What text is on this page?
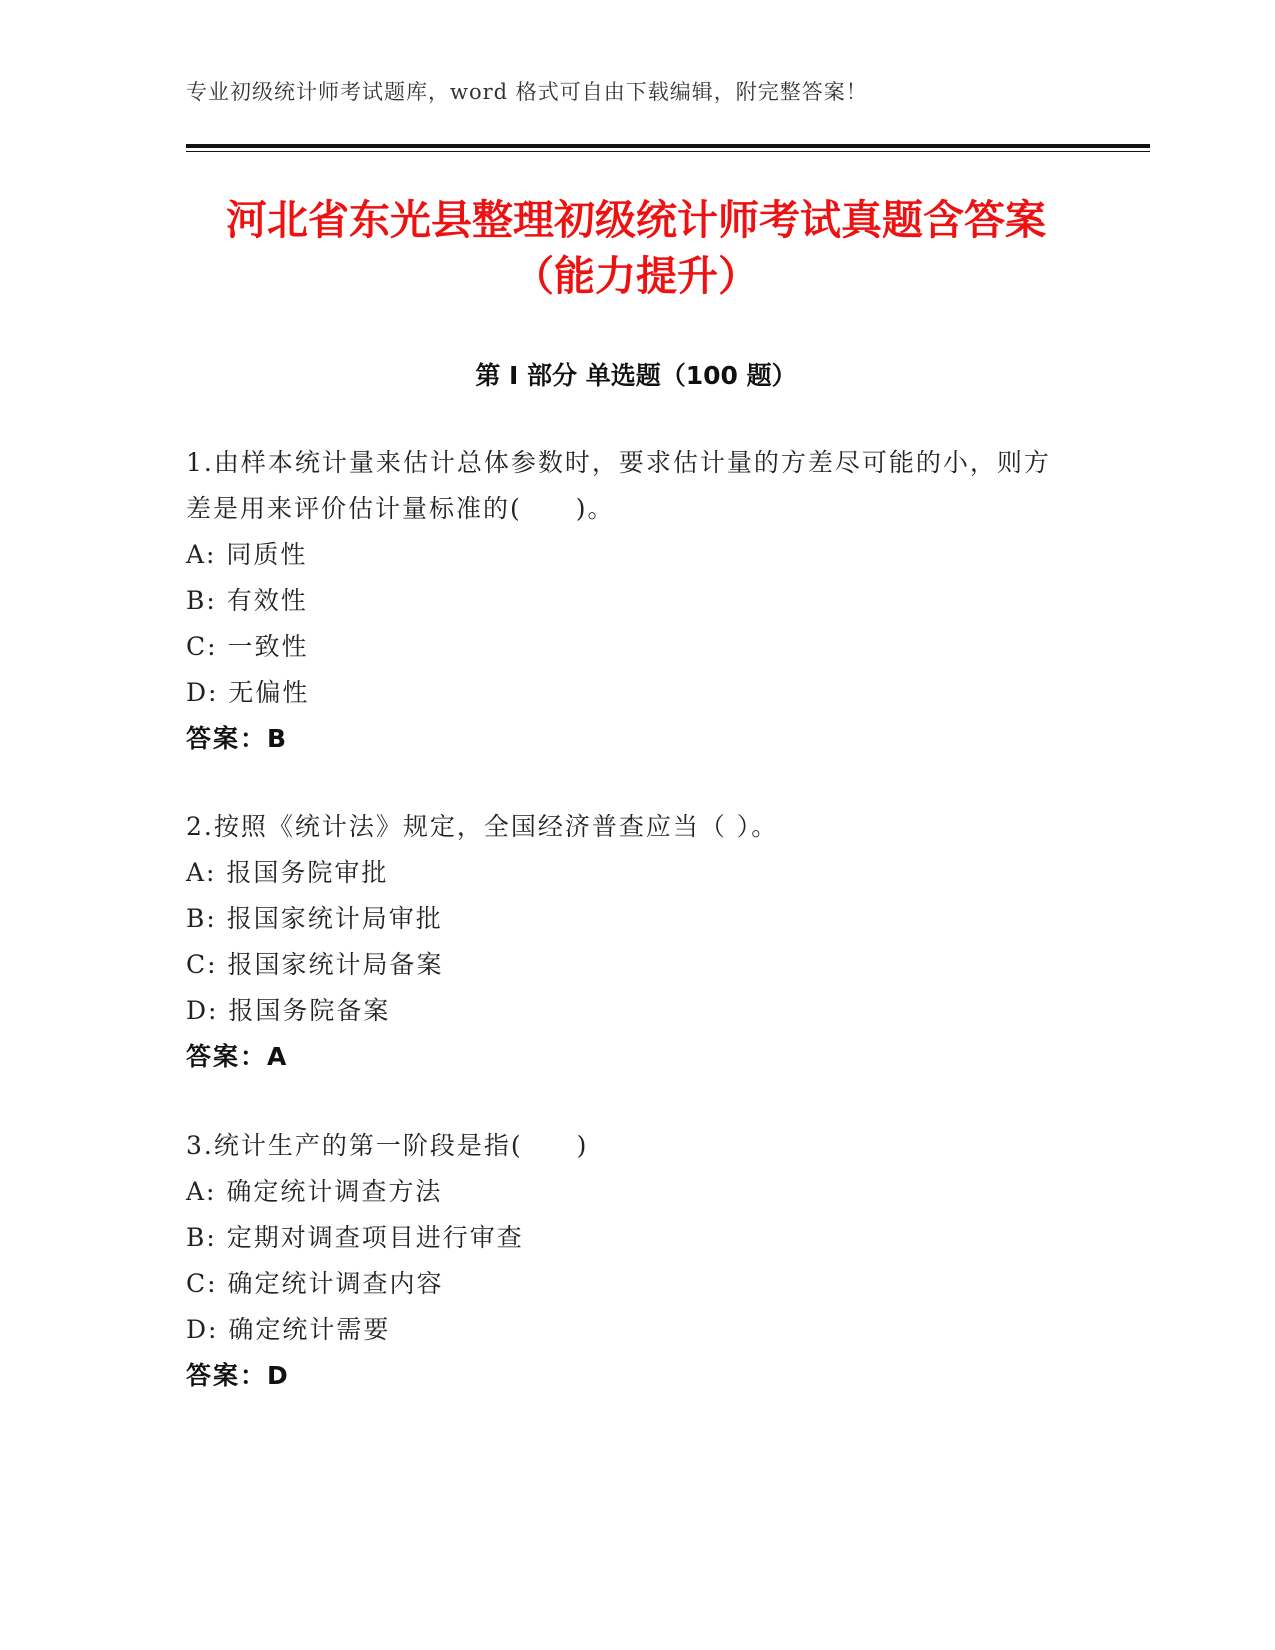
专业初级统计师考试题库，word 格式可自由下载编辑，附完整答案！
河北省东光县整理初级统计师考试真题含答案（能力提升）
第 I 部分 单选题（100 题）
1.由样本统计量来估计总体参数时，要求估计量的方差尽可能的小，则方差是用来评价估计量标准的(　　)。
A: 同质性
B: 有效性
C: 一致性
D: 无偏性
答案：B
2.按照《统计法》规定，全国经济普查应当（ ）。
A: 报国务院审批
B: 报国家统计局审批
C: 报国家统计局备案
D: 报国务院备案
答案：A
3.统计生产的第一阶段是指(　　)
A: 确定统计调查方法
B: 定期对调查项目进行审查
C: 确定统计调查内容
D: 确定统计需要
答案：D
